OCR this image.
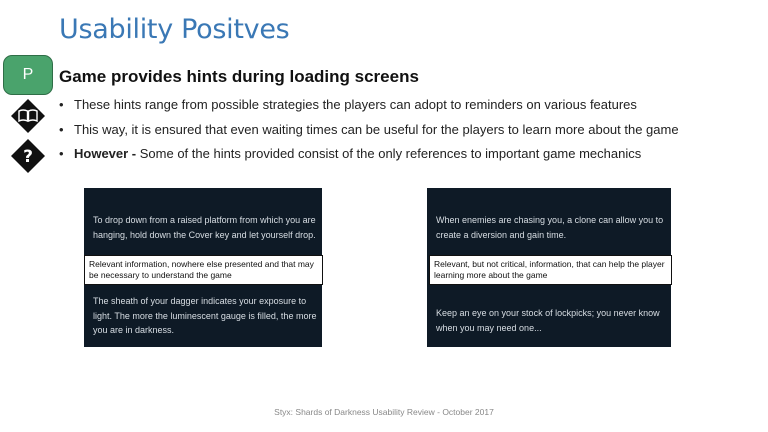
Usability Positves
P
?
Game provides hints during loading screens
• These hints range from possible strategies the players can adopt to reminders on various features
• This way, it is ensured that even waiting times can be useful for the players to learn more about the game
• However - Some of the hints provided consist of the only references to important game mechanics
To drop down from a raised platform from which you are hanging, hold down the Cover key and let yourself drop.
The sheath of your dagger indicates your exposure to light. The more the luminescent gauge is filled, the more you are in darkness.
Relevant information, nowhere else presented and that may be necessary to understand the game
When enemies are chasing you, a clone can allow you to create a diversion and gain time.
Keep an eye on your stock of lockpicks; you never know when you may need one...
Relevant, but not critical, information, that can help the player learning more about the game
Styx: Shards of Darkness Usability Review - October 2017
